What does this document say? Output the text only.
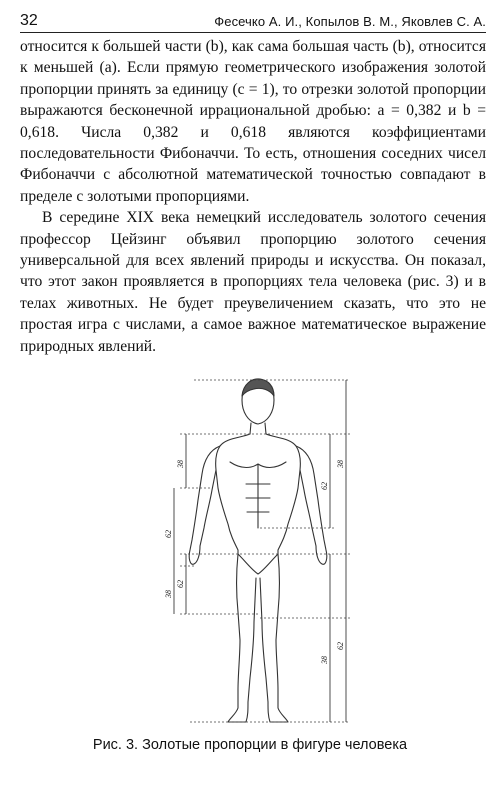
32	Фесечко А. И., Копылов В. М., Яковлев С. А.

относится к большей части (b), как сама большая часть (b), относится к меньшей (a). Если прямую геометрического изображения золотой пропорции принять за единицу (c = 1), то отрезки золотой пропорции выражаются бесконечной иррациональной дробью: a = 0,382 и b = 0,618. Числа 0,382 и 0,618 являются коэффициентами последовательности Фибоначчи. То есть, отношения соседних чисел Фибоначчи с абсолютной математической точностью совпадают в пределе с золотыми пропорциями.

В середине XIX века немецкий исследователь золотого сечения профессор Цейзинг объявил пропорцию золотого сечения универсальной для всех явлений природы и искусства. Он показал, что этот закон проявляется в пропорциях тела человека (рис. 3) и в телах животных. Не будет преувеличением сказать, что это не простая игра с числами, а самое важное математическое выражение природных явлений.

38
62
62
38
38
62
62
38
Рис. 3. Золотые пропорции в фигуре человека
